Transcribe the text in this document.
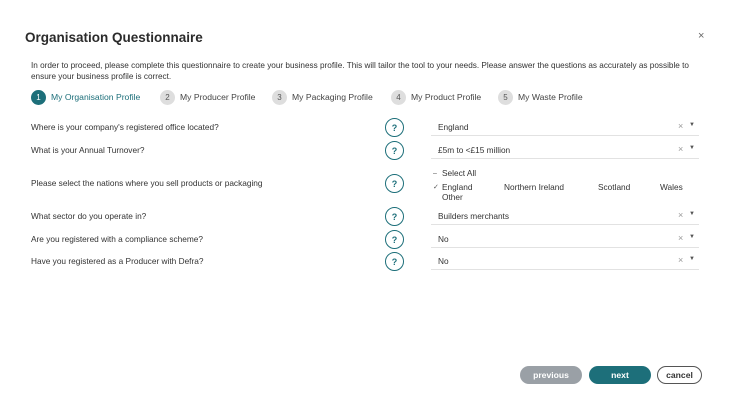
Organisation Questionnaire	×
In order to proceed, please complete this questionnaire to create your business profile. This will tailor the tool to your needs. Please answer the questions as accurately as possible to ensure your business profile is correct.
1	My Organisation Profile	2	My Producer Profile	3	My Packaging Profile	4	My Product Profile	5	My Waste Profile
Where is your company's registered office located?	?	England	× ▼
What is your Annual Turnover?	?	£5m to <£15 million	× ▼
Please select the nations where you sell products or packaging	?
– Select All
✓ England	Northern Ireland	Scotland	Wales
Other
What sector do you operate in?	?	Builders merchants	× ▼
Are you registered with a compliance scheme?	?	No	× ▼
Have you registered as a Producer with Defra?	?	No	× ▼
previous	next	cancel
